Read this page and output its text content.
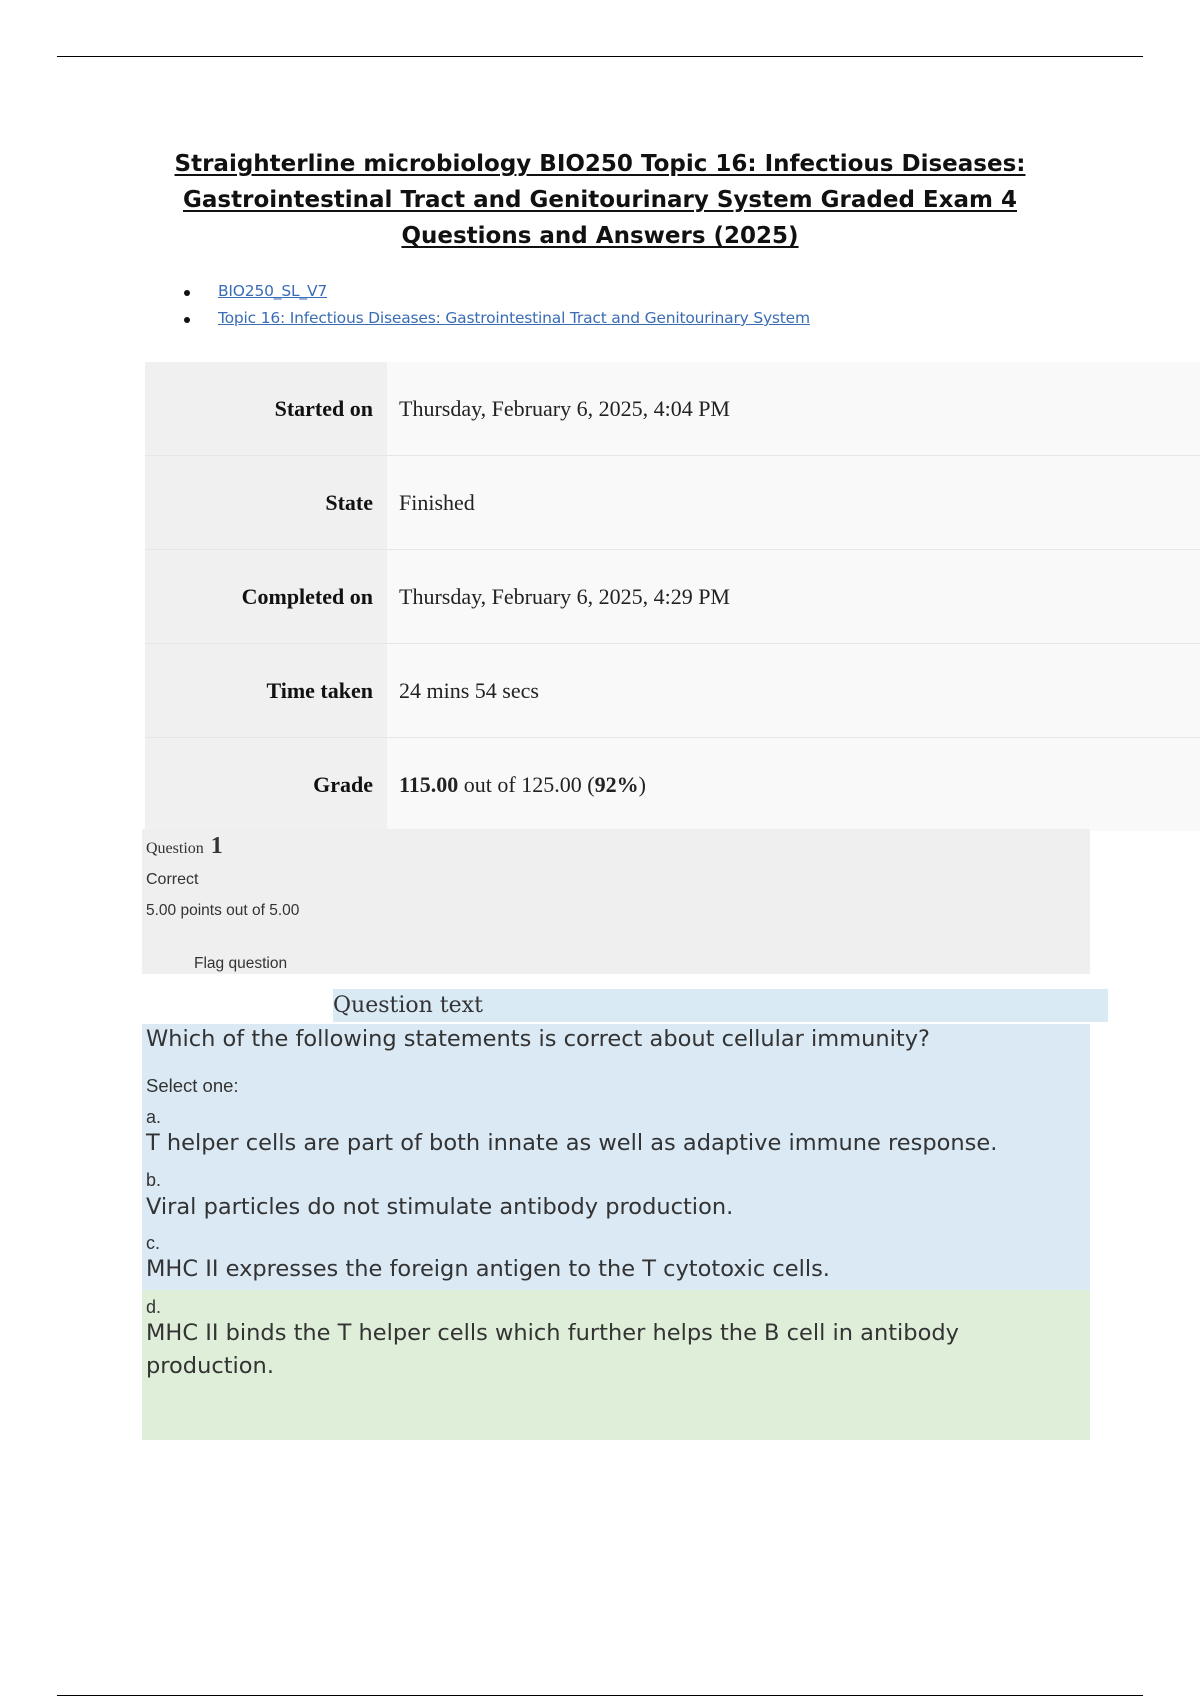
Straighterline microbiology BIO250 Topic 16: Infectious Diseases:
Gastrointestinal Tract and Genitourinary System Graded Exam 4
Questions and Answers (2025)
BIO250_SL_V7
Topic 16: Infectious Diseases: Gastrointestinal Tract and Genitourinary System
Started on	Thursday, February 6, 2025, 4:04 PM
State	Finished
Completed on	Thursday, February 6, 2025, 4:29 PM
Time taken	24 mins 54 secs
Grade	115.00 out of 125.00 (92%)
Question 1
Correct
5.00 points out of 5.00
Flag question
Question text
Which of the following statements is correct about cellular immunity?
Select one:
a.
T helper cells are part of both innate as well as adaptive immune response.
b.
Viral particles do not stimulate antibody production.
c.
MHC II expresses the foreign antigen to the T cytotoxic cells.
d.
MHC II binds the T helper cells which further helps the B cell in antibody production.
